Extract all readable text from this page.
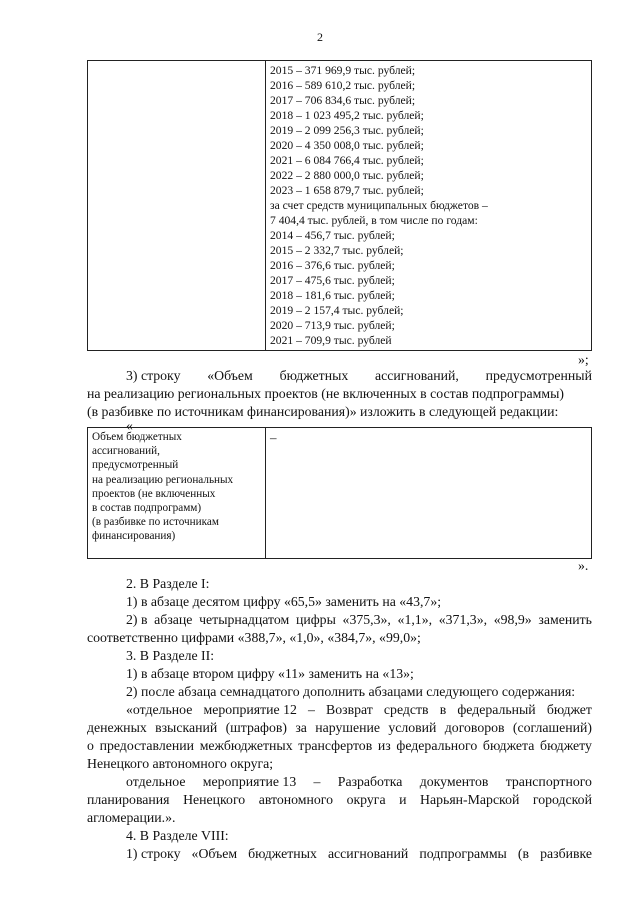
2

2015 – 371 969,9 тыс. рублей;
2016 – 589 610,2 тыс. рублей;
2017 – 706 834,6 тыс. рублей;
2018 – 1 023 495,2 тыс. рублей;
2019 – 2 099 256,3 тыс. рублей;
2020 – 4 350 008,0 тыс. рублей;
2021 – 6 084 766,4 тыс. рублей;
2022 – 2 880 000,0 тыс. рублей;
2023 – 1 658 879,7 тыс. рублей;
за счет средств муниципальных бюджетов –
7 404,4 тыс. рублей, в том числе по годам:
2014 – 456,7 тыс. рублей;
2015 – 2 332,7 тыс. рублей;
2016 – 376,6 тыс. рублей;
2017 – 475,6 тыс. рублей;
2018 – 181,6 тыс. рублей;
2019 – 2 157,4 тыс. рублей;
2020 – 713,9 тыс. рублей;
2021 – 709,9 тыс. рублей
»;
3) строку «Объем бюджетных ассигнований, предусмотренный
на реализацию региональных проектов (не включенных в состав подпрограммы)
(в разбивке по источникам финансирования)» изложить в следующей редакции:
«
Объем бюджетных
ассигнований,
предусмотренный
на реализацию региональных
проектов (не включенных
в состав подпрограмм)
(в разбивке по источникам
финансирования)
	–
».
2. В Разделе I:
1) в абзаце десятом цифру «65,5» заменить на «43,7»;
2) в абзаце четырнадцатом цифры «375,3», «1,1», «371,3», «98,9» заменить
соответственно цифрами «388,7», «1,0», «384,7», «99,0»;
3. В Разделе II:
1) в абзаце втором цифру «11» заменить на «13»;
2) после абзаца семнадцатого дополнить абзацами следующего содержания:
«отдельное мероприятие 12 – Возврат средств в федеральный бюджет
денежных взысканий (штрафов) за нарушение условий договоров (соглашений)
о предоставлении межбюджетных трансфертов из федерального бюджета бюджету
Ненецкого автономного округа;
отдельное мероприятие 13 – Разработка документов транспортного
планирования Ненецкого автономного округа и Нарьян-Марской городской
агломерации.».
4. В Разделе VIII:
1) строку «Объем бюджетных ассигнований подпрограммы (в разбивке
